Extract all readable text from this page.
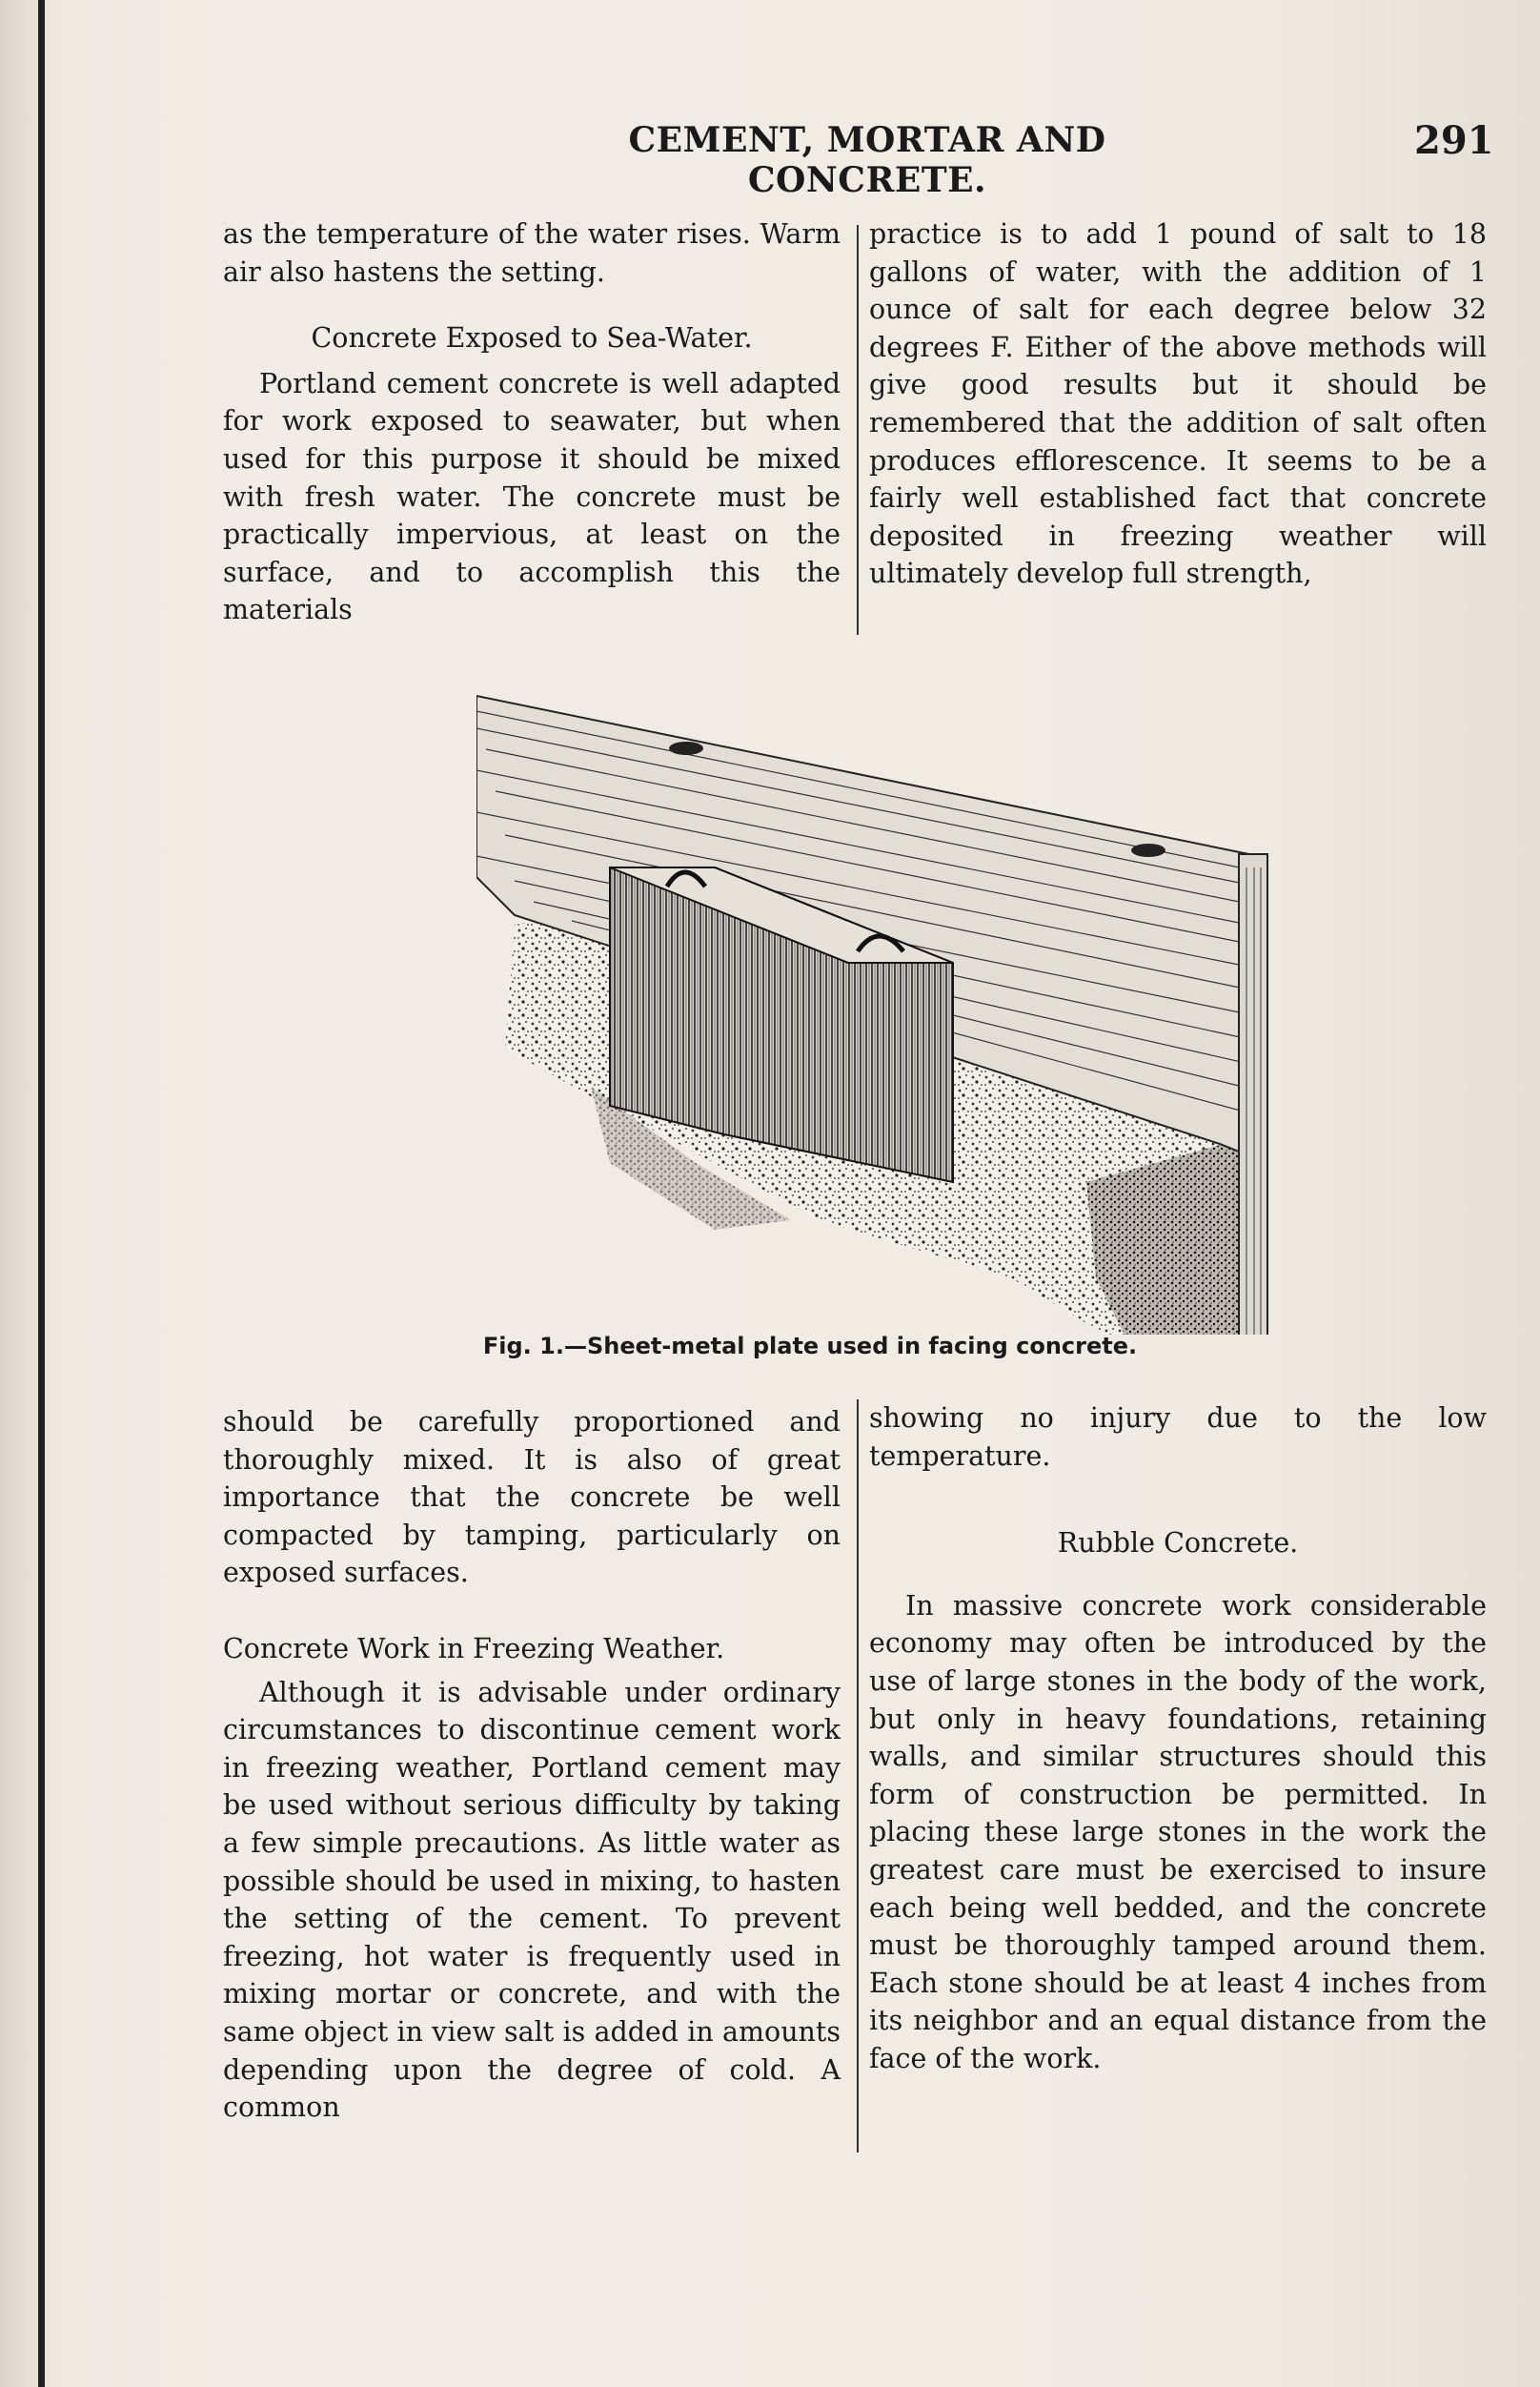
CEMENT, MORTAR AND CONCRETE.
291

as the temperature of the water rises. Warm air also hastens the setting.

Concrete Exposed to Sea-Water.

Portland cement concrete is well adapted for work exposed to seawater, but when used for this purpose it should be mixed with fresh water. The concrete must be practically impervious, at least on the surface, and to accomplish this the materials

practice is to add 1 pound of salt to 18 gallons of water, with the addition of 1 ounce of salt for each degree below 32 degrees F. Either of the above methods will give good results but it should be remembered that the addition of salt often produces efflorescence. It seems to be a fairly well established fact that concrete deposited in freezing weather will ultimately develop full strength,

Fig. 1.—Sheet-metal plate used in facing concrete.

should be carefully proportioned and thoroughly mixed. It is also of great importance that the concrete be well compacted by tamping, particularly on exposed surfaces.

Concrete Work in Freezing Weather.

Although it is advisable under ordinary circumstances to discontinue cement work in freezing weather, Portland cement may be used without serious difficulty by taking a few simple precautions. As little water as possible should be used in mixing, to hasten the setting of the cement. To prevent freezing, hot water is frequently used in mixing mortar or concrete, and with the same object in view salt is added in amounts depending upon the degree of cold. A common

showing no injury due to the low temperature.

Rubble Concrete.

In massive concrete work considerable economy may often be introduced by the use of large stones in the body of the work, but only in heavy foundations, retaining walls, and similar structures should this form of construction be permitted. In placing these large stones in the work the greatest care must be exercised to insure each being well bedded, and the concrete must be thoroughly tamped around them. Each stone should be at least 4 inches from its neighbor and an equal distance from the face of the work.
